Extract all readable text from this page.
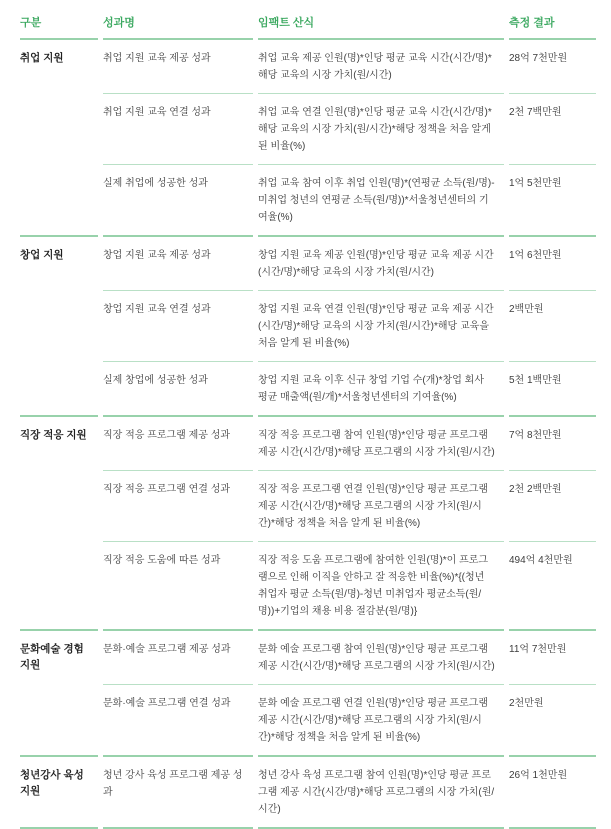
구분	성과명	임팩트 산식	측정 결과
취업 지원	취업 지원 교육 제공 성과	취업 교육 제공 인원(명)*인당 평균 교육 시간(시간/명)*해당 교육의 시장 가치(원/시간)	28억 7천만원
	취업 지원 교육 연결 성과	취업 교육 연결 인원(명)*인당 평균 교육 시간(시간/명)*해당 교육의 시장 가치(원/시간)*해당 정책을 처음 알게 된 비율(%)	2천 7백만원
	실제 취업에 성공한 성과	취업 교육 참여 이후 취업 인원(명)*(연평균 소득(원/명)-미취업 청년의 연평균 소득(원/명))*서울청년센터의 기여율(%)	1억 5천만원
창업 지원	창업 지원 교육 제공 성과	창업 지원 교육 제공 인원(명)*인당 평균 교육 제공 시간(시간/명)*해당 교육의 시장 가치(원/시간)	1억 6천만원
	창업 지원 교육 연결 성과	창업 지원 교육 연결 인원(명)*인당 평균 교육 제공 시간(시간/명)*해당 교육의 시장 가치(원/시간)*해당 교육을 처음 알게 된 비율(%)	2백만원
	실제 창업에 성공한 성과	창업 지원 교육 이후 신규 창업 기업 수(개)*창업 회사 평균 매출액(원/개)*서울청년센터의 기여율(%)	5천 1백만원
직장 적응 지원	직장 적응 프로그램 제공 성과	직장 적응 프로그램 참여 인원(명)*인당 평균 프로그램 제공 시간(시간/명)*해당 프로그램의 시장 가치(원/시간)	7억 8천만원
	직장 적응 프로그램 연결 성과	직장 적응 프로그램 연결 인원(명)*인당 평균 프로그램 제공 시간(시간/명)*해당 프로그램의 시장 가치(원/시간)*해당 정책을 처음 알게 된 비율(%)	2천 2백만원
	직장 적응 도움에 따른 성과	직장 적응 도움 프로그램에 참여한 인원(명)*이 프로그램으로 인해 이직을 안하고 잘 적응한 비율(%)*{(청년 취업자 평균 소득(원/명)-청년 미취업자 평균소득(원/명))+기업의 채용 비용 절감분(원/명)}	494억 4천만원
문화예술 경험 지원	문화·예술 프로그램 제공 성과	문화 예술 프로그램 참여 인원(명)*인당 평균 프로그램 제공 시간(시간/명)*해당 프로그램의 시장 가치(원/시간)	11억 7천만원
	문화·예술 프로그램 연결 성과	문화 예술 프로그램 연결 인원(명)*인당 평균 프로그램 제공 시간(시간/명)*해당 프로그램의 시장 가치(원/시간)*해당 정책을 처음 알게 된 비율(%)	2천만원
청년강사 육성 지원	청년 강사 육성 프로그램 제공 성과	청년 강사 육성 프로그램 참여 인원(명)*인당 평균 프로그램 제공 시간(시간/명)*해당 프로그램의 시장 가치(원/시간)	26억 1천만원
